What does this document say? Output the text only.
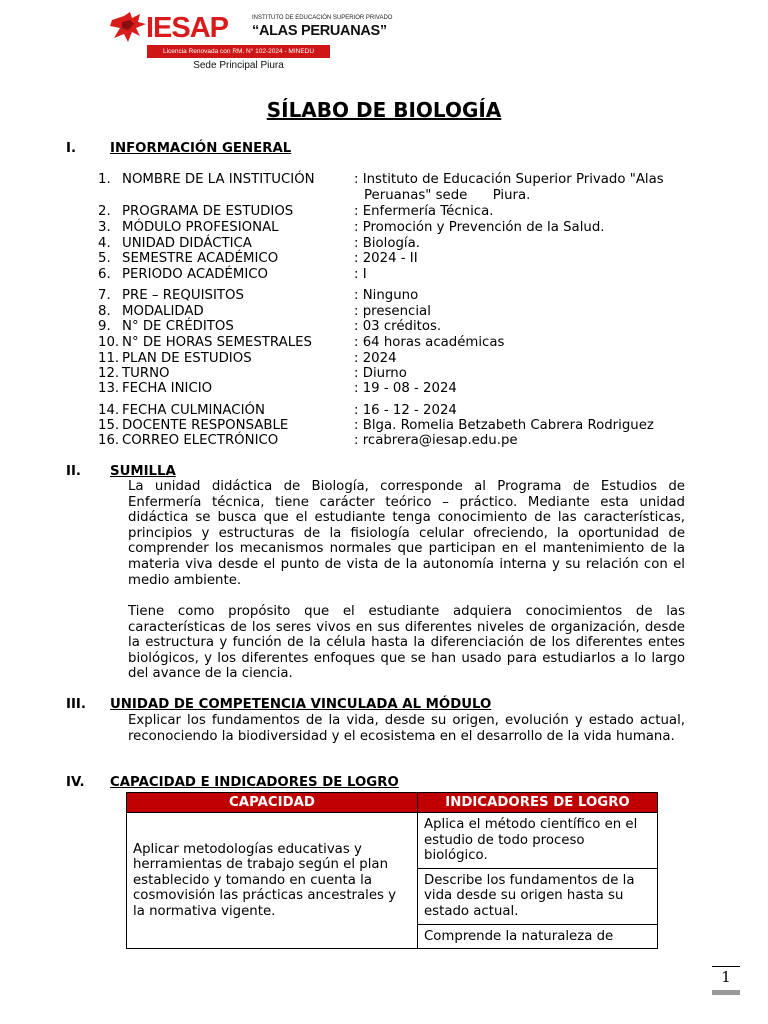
IESAP	INSTITUTO DE EDUCACIÓN SUPERIOR PRIVADO
“ALAS PERUANAS”
Licencia Renovada con RM. N° 102-2024 - MINEDU
Sede Principal Piura
SÍLABO DE BIOLOGÍA
I.	INFORMACIÓN GENERAL
1. NOMBRE DE LA INSTITUCIÓN	: Instituto de Educación Superior Privado "Alas
Peruanas" sede      Piura.
2. PROGRAMA DE ESTUDIOS	: Enfermería Técnica.
3. MÓDULO PROFESIONAL	: Promoción y Prevención de la Salud.
4. UNIDAD DIDÁCTICA	: Biología.
5. SEMESTRE ACADÉMICO	: 2024 - II
6. PERIODO ACADÉMICO	: I
7. PRE – REQUISITOS	: Ninguno
8. MODALIDAD	: presencial
9. N° DE CRÉDITOS	: 03 créditos.
10. N° DE HORAS SEMESTRALES	: 64 horas académicas
11. PLAN DE ESTUDIOS	: 2024
12. TURNO	: Diurno
13. FECHA INICIO	: 19 - 08 - 2024
14. FECHA CULMINACIÓN	: 16 - 12 - 2024
15. DOCENTE RESPONSABLE	: Blga. Romelia Betzabeth Cabrera Rodriguez
16. CORREO ELECTRÓNICO	: rcabrera@iesap.edu.pe
II. SUMILLA

La unidad didáctica de Biología, corresponde al Programa de Estudios de Enfermería técnica, tiene carácter teórico – práctico. Mediante esta unidad didáctica se busca que el estudiante tenga conocimiento de las características, principios y estructuras de la fisiología celular ofreciendo, la oportunidad de comprender los mecanismos normales que participan en el mantenimiento de la materia viva desde el punto de vista de la autonomía interna y su relación con el medio ambiente.

Tiene como propósito que el estudiante adquiera conocimientos de las características de los seres vivos en sus diferentes niveles de organización, desde la estructura y función de la célula hasta la diferenciación de los diferentes entes biológicos, y los diferentes enfoques que se han usado para estudiarlos a lo largo del avance de la ciencia.

III. UNIDAD DE COMPETENCIA VINCULADA AL MÓDULO

Explicar los fundamentos de la vida, desde su origen, evolución y estado actual, reconociendo la biodiversidad y el ecosistema en el desarrollo de la vida humana.

IV. CAPACIDAD E INDICADORES DE LOGRO
CAPACIDAD	INDICADORES DE LOGRO
Aplicar metodologías educativas y herramientas de trabajo según el plan establecido y tomando en cuenta la cosmovisión las prácticas ancestrales y la normativa vigente.	Aplica el método científico en el estudio de todo proceso biológico.
	Describe los fundamentos de la vida desde su origen hasta su estado actual.
	Comprende la naturaleza de
1
